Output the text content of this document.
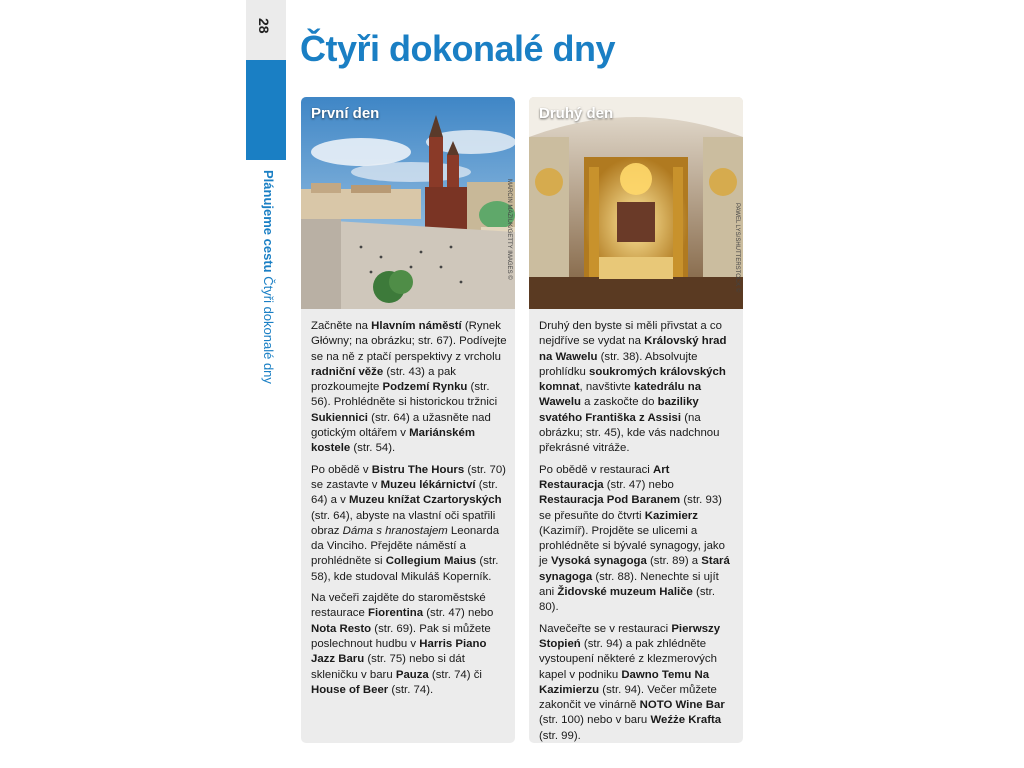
28
Plánujeme cestu Čtyři dokonalé dny
Čtyři dokonalé dny
První den
MARCIN MAZIUK/GETTY IMAGES ©

Začněte na Hlavním náměstí (Rynek Główny; na obrázku; str. 67). Podívejte se na ně z ptačí perspektivy z vrcholu radniční věže (str. 43) a pak prozkoumejte Podzemí Rynku (str. 56). Prohlédněte si historickou tržnici Sukiennici (str. 64) a užasněte nad gotickým oltářem v Mariánském kostele (str. 54).

Po obědě v Bistru The Hours (str. 70) se zastavte v Muzeu lékárnictví (str. 64) a v Muzeu knížat Czartoryských (str. 64), abyste na vlastní oči spatřili obraz Dáma s hranostajem Leonarda da Vinciho. Přejděte náměstí a prohlédněte si Collegium Maius (str. 58), kde studoval Mikuláš Koperník.

Na večeři zajděte do staroměstské restaurace Fiorentina (str. 47) nebo Nota Resto (str. 69). Pak si můžete poslechnout hudbu v Harris Piano Jazz Baru (str. 75) nebo si dát skleničku v baru Pauza (str. 74) či House of Beer (str. 74).

Druhý den
PAWEL LYS/SHUTTERSTOCK ©

Druhý den byste si měli přivstat a co nejdříve se vydat na Královský hrad na Wawelu (str. 38). Absolvujte prohlídku soukromých královských komnat, navštivte katedrálu na Wawelu a zaskočte do baziliky svatého Františka z Assisi (na obrázku; str. 45), kde vás nadchnou překrásné vitráže.

Po obědě v restauraci Art Restauracja (str. 47) nebo Restauracja Pod Baranem (str. 93) se přesuňte do čtvrti Kazimierz (Kazimíř). Projděte se ulicemi a prohlédněte si bývalé synagogy, jako je Vysoká synagoga (str. 89) a Stará synagoga (str. 88). Nenechte si ujít ani Židovské muzeum Haliče (str. 80).

Navečeřte se v restauraci Pierwszy Stopień (str. 94) a pak zhlédněte vystoupení některé z klezmerových kapel v podniku Dawno Temu Na Kazimierzu (str. 94). Večer můžete zakončit ve vinárně NOTO Wine Bar (str. 100) nebo v baru Weźże Krafta (str. 99).
